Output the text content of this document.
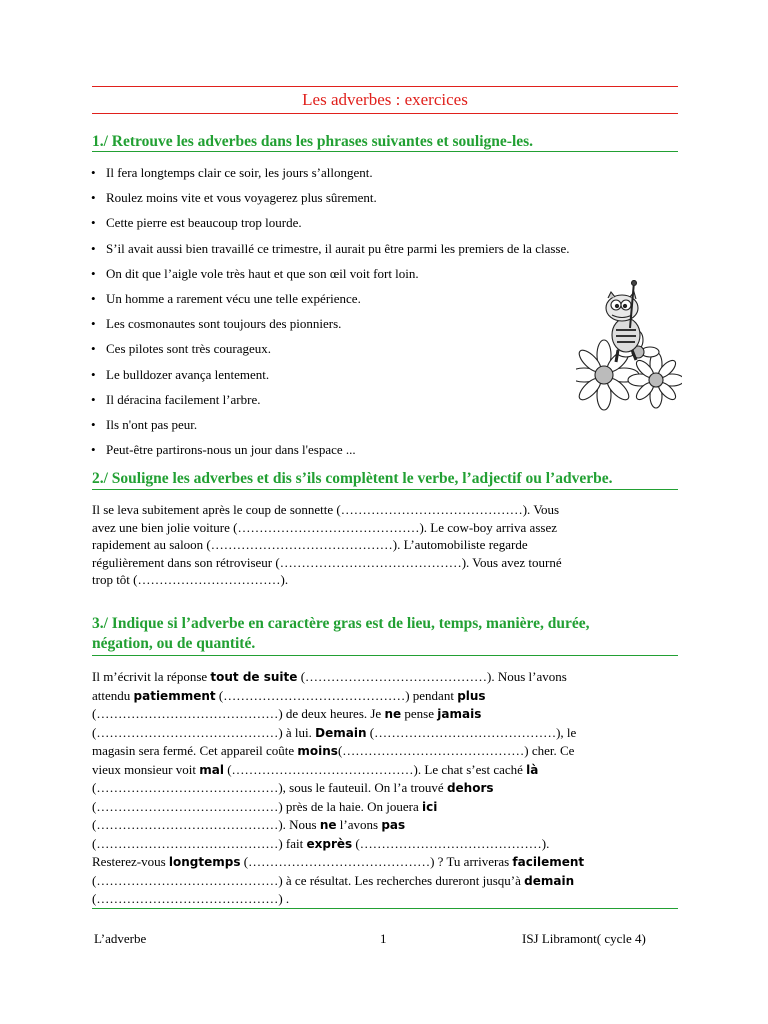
Les adverbes : exercices
1./ Retrouve les adverbes dans les phrases suivantes et souligne-les.
• Il fera longtemps clair ce soir, les jours s’allongent.
• Roulez moins vite et vous voyagerez plus sûrement.
• Cette pierre est beaucoup trop lourde.
• S’il avait aussi bien travaillé ce trimestre, il aurait pu être parmi les premiers de la classe.
• On dit que l’aigle vole très haut et que son œil voit fort loin.
• Un homme a rarement vécu une telle expérience.
• Les cosmonautes sont toujours des pionniers.
• Ces pilotes sont très courageux.
• Le bulldozer avança lentement.
• Il déracina facilement l’arbre.
• Ils n'ont pas peur.
• Peut-être partirons-nous un jour dans l'espace ...
2./ Souligne les adverbes et dis s’ils complètent le verbe, l’adjectif ou l’adverbe.
Il se leva subitement après le coup de sonnette (……………………………………). Vous
avez une bien jolie voiture (……………………………………). Le cow-boy arriva assez
rapidement au saloon (……………………………………). L’automobiliste regarde
régulièrement dans son rétroviseur (……………………………………). Vous avez tourné
trop tôt (……………………………).
3./ Indique si l’adverbe en caractère gras est de lieu, temps, manière, durée,
négation, ou de quantité.
Il m’écrivit la réponse tout de suite (……………………………………). Nous l’avons
attendu patiemment (……………………………………) pendant plus
(……………………………………) de deux heures. Je ne pense jamais
(……………………………………) à lui. Demain (……………………………………), le
magasin sera fermé. Cet appareil coûte moins(……………………………………) cher. Ce
vieux monsieur voit mal (……………………………………). Le chat s’est caché là
(……………………………………), sous le fauteuil. On l’a trouvé dehors
(……………………………………) près de la haie. On jouera ici
(……………………………………). Nous ne l’avons pas
(……………………………………) fait exprès (……………………………………).
Resterez-vous longtemps (……………………………………) ? Tu arriveras facilement
(……………………………………) à ce résultat. Les recherches dureront jusqu’à demain
(……………………………………) .
L’adverbe	1	ISJ Libramont( cycle 4)
